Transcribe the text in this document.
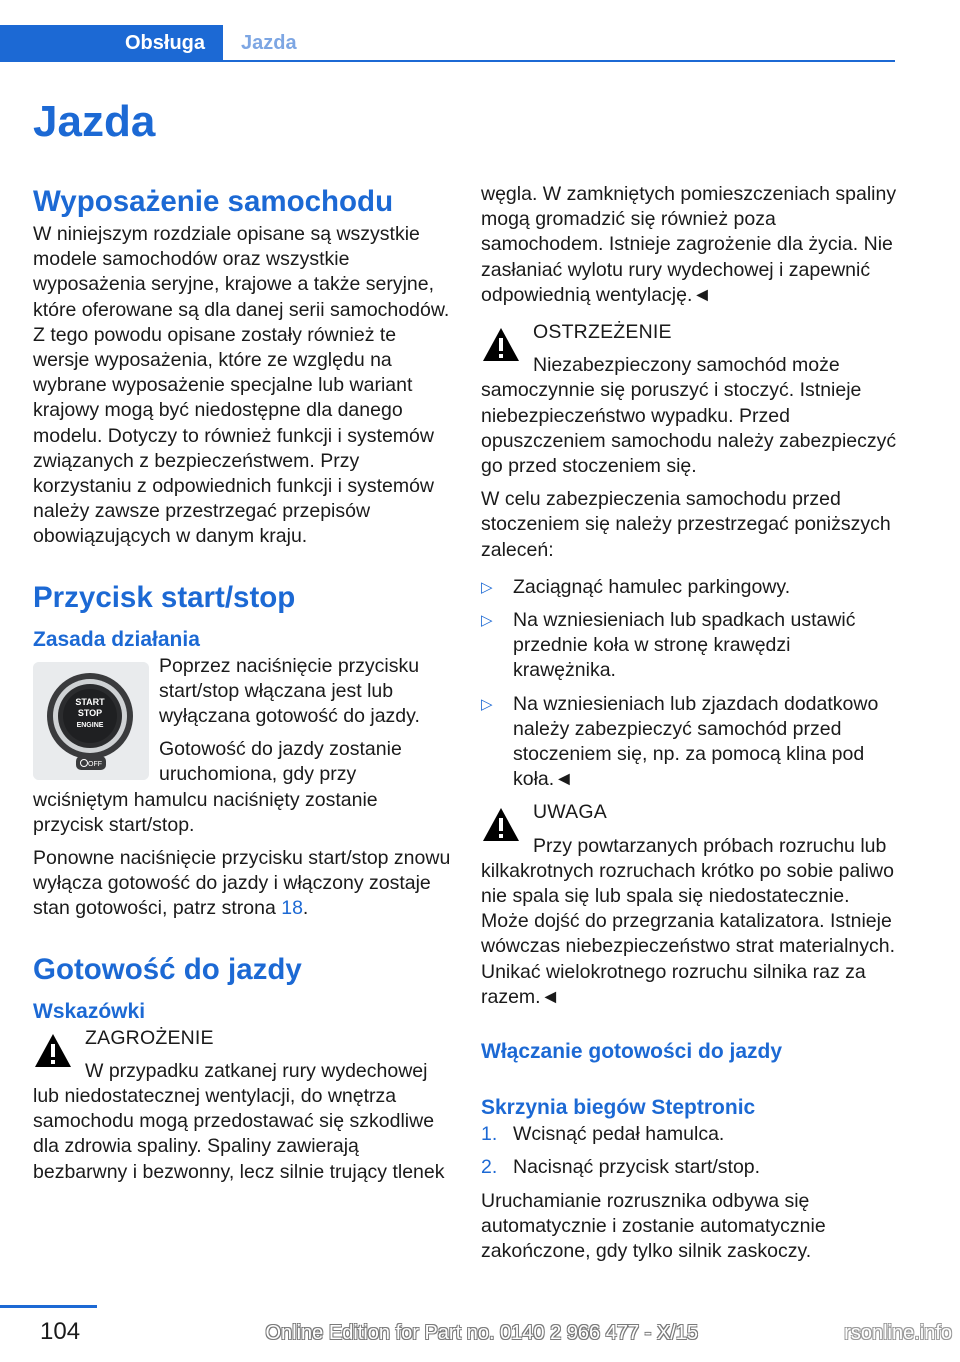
Obsługa	Jazda
Jazda
Wyposażenie samochodu

W niniejszym rozdziale opisane są wszystkie modele samochodów oraz wszystkie wyposażenia seryjne, krajowe a także seryjne, które oferowane są dla danej serii samochodów. Z tego powodu opisane zostały również te wersje wyposażenia, które ze względu na wybrane wyposażenie specjalne lub wariant krajowy mogą być niedostępne dla danego modelu. Dotyczy to również funkcji i systemów związanych z bezpieczeństwem. Przy korzystaniu z odpowiednich funkcji i systemów należy zawsze przestrzegać przepisów obowiązujących w danym kraju.

Przycisk start/stop
Zasada działania
START
STOP
ENGINE
OFF

Poprzez naciśnięcie przycisku start/stop włączana jest lub wyłączana gotowość do jazdy.

Gotowość do jazdy zostanie uruchomiona, gdy przy wciśniętym hamulcu naciśnięty zostanie przycisk start/stop.

Ponowne naciśnięcie przycisku start/stop znowu wyłącza gotowość do jazdy i włączony zostaje stan gotowości, patrz strona 18.

Gotowość do jazdy
Wskazówki

ZAGROŻENIE

W przypadku zatkanej rury wydechowej lub niedostatecznej wentylacji, do wnętrza samochodu mogą przedostawać się szkodliwe dla zdrowia spaliny. Spaliny zawierają bezbarwny i bezwonny, lecz silnie trujący tlenek

węgla. W zamkniętych pomieszczeniach spaliny mogą gromadzić się również poza samochodem. Istnieje zagrożenie dla życia. Nie zasłaniać wylotu rury wydechowej i zapewnić odpowiednią wentylację.◄

OSTRZEŻENIE

Niezabezpieczony samochód może samoczynnie się poruszyć i stoczyć. Istnieje niebezpieczeństwo wypadku. Przed opuszczeniem samochodu należy zabezpieczyć go przed stoczeniem się.

W celu zabezpieczenia samochodu przed stoczeniem się należy przestrzegać poniższych zaleceń:

▷ Zaciągnąć hamulec parkingowy.
▷ Na wzniesieniach lub spadkach ustawić przednie koła w stronę krawędzi krawężnika.
▷ Na wzniesieniach lub zjazdach dodatkowo należy zabezpieczyć samochód przed stoczeniem się, np. za pomocą klina pod koła.◄

UWAGA

Przy powtarzanych próbach rozruchu lub kilkakrotnych rozruchach krótko po sobie paliwo nie spala się lub spala się niedostatecznie. Może dojść do przegrzania katalizatora. Istnieje wówczas niebezpieczeństwo strat materialnych. Unikać wielokrotnego rozruchu silnika raz za razem.◄

Włączanie gotowości do jazdy
Skrzynia biegów Steptronic
1. Wcisnąć pedał hamulca.
2. Nacisnąć przycisk start/stop.

Uruchamianie rozrusznika odbywa się automatycznie i zostanie automatycznie zakończone, gdy tylko silnik zaskoczy.

104	Online Edition for Part no. 0140 2 966 477 - X/15	rsonline.info
